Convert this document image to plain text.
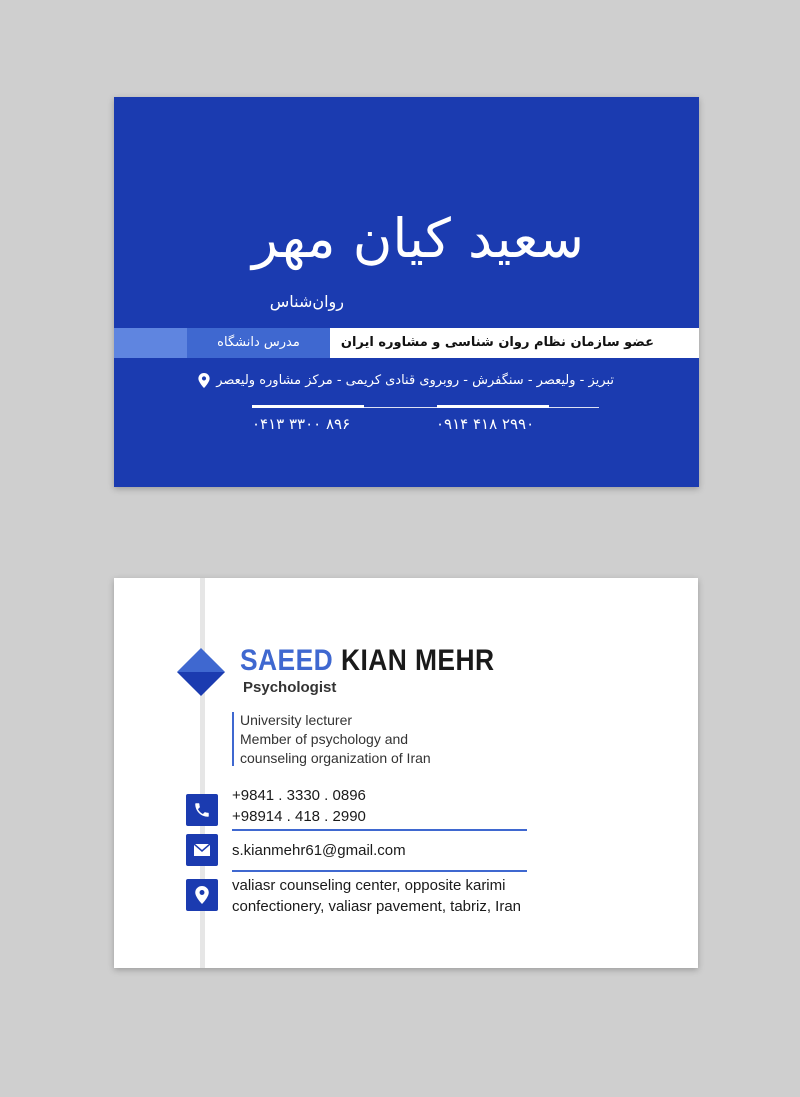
سعید کیان مهر
روان‌شناس
مدرس دانشگاه	عضو سازمان نظام روان شناسی و مشاوره ایران
تبریز - ولیعصر - سنگفرش - روبروی قنادی کریمی - مرکز مشاوره ولیعصر
۰۴۱۳ ۳۳۰۰ ۸۹۶	۰۹۱۴ ۴۱۸ ۲۹۹۰
SAEED KIAN MEHR
Psychologist
University lecturer
Member of psychology and
counseling organization of Iran
+9841 . 3330 . 0896
+98914 . 418 . 2990
s.kianmehr61@gmail.com
valiasr counseling center, opposite karimi
confectionery, valiasr pavement, tabriz, Iran
